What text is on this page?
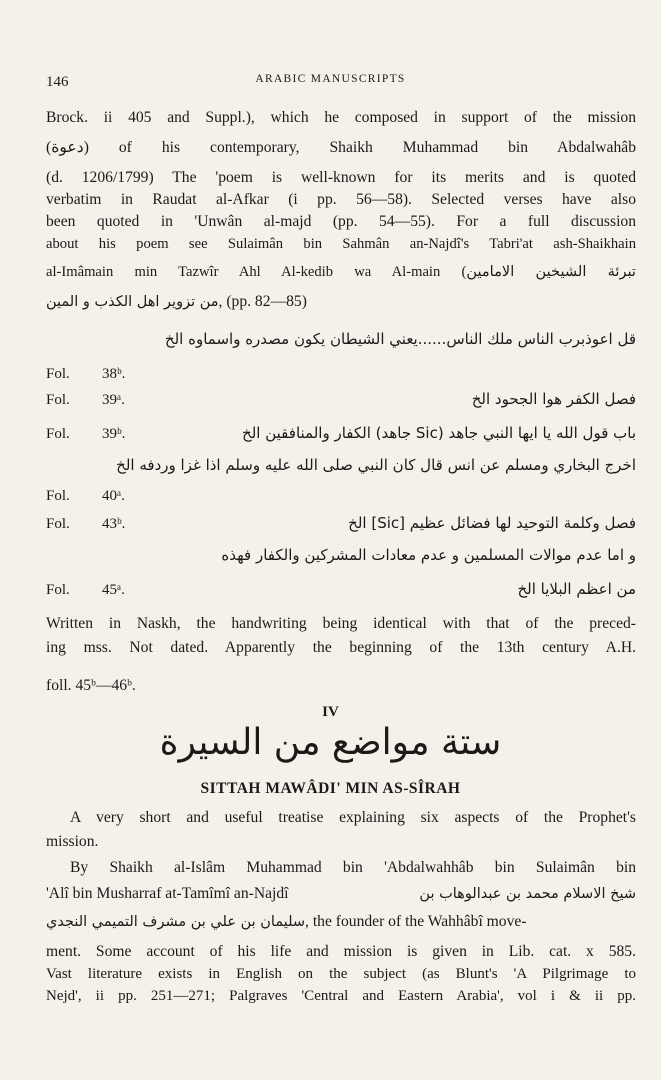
146	ARABIC MANUSCRIPTS
Brock. ii 405 and Suppl.), which he composed in support of the mission
(دعوة) of his contemporary, Shaikh Muhammad bin Abdalwahâb
(d. 1206/1799) The 'poem is well-known for its merits and is quoted
verbatim in Raudat al-Afkar (i pp. 56—58). Selected verses have also
been quoted in 'Unwân al-majd (pp. 54—55). For a full discussion
about his poem see Sulaimân bin Sahmân an-Najdî's Tabri'at ash-Shaikhain
al-Imâmain min Tazwîr Ahl Al-kedib wa Al-main (تبرئة الشيخين الامامين
من تزوير اهل الكذب و المين, (pp. 82—85)
قل اعوذبرب الناس ملك الناس......يعني الشيطان يكون مصدره واسماوه الخ
Fol. 38ᵇ.
Fol. 39ᵃ.	فصل الكفر هوا الجحود الخ
Fol. 39ᵇ.	باب قول الله يا ايها النبي جاهد (Sic جاهد) الكفار والمنافقين الخ
اخرج البخاري ومسلم عن انس قال كان النبي صلى الله عليه وسلم اذا غزا وردفه الخ
Fol. 40ᵃ.
Fol. 43ᵇ.	فصل وكلمة التوحيد لها فضائل عظيم [Sic] الخ
و اما عدم موالات المسلمين و عدم معادات المشركين والكفار فهذه
Fol. 45ᵃ.	من اعظم البلايا الخ
Written in Naskh, the handwriting being identical with that of the preced-
ing mss. Not dated. Apparently the beginning of the 13th century A.H.
foll. 45ᵇ—46ᵇ.
IV
ستة مواضع من السيرة
SITTAH MAWÂDI' MIN AS-SÎRAH
A very short and useful treatise explaining six aspects of the Prophet's
mission.
By Shaikh al-Islâm Muhammad bin 'Abdalwahhâb bin Sulaimân bin
'Alî bin Musharraf at-Tamîmî an-Najdî	شيخ الاسلام محمد بن عبدالوهاب بن
سليمان بن علي بن مشرف التميمي النجدي, the founder of the Wahhâbî move-
ment. Some account of his life and mission is given in Lib. cat. x 585.
Vast literature exists in English on the subject (as Blunt's 'A Pilgrimage to
Nejd', ii pp. 251—271; Palgraves 'Central and Eastern Arabia', vol i & ii pp.
